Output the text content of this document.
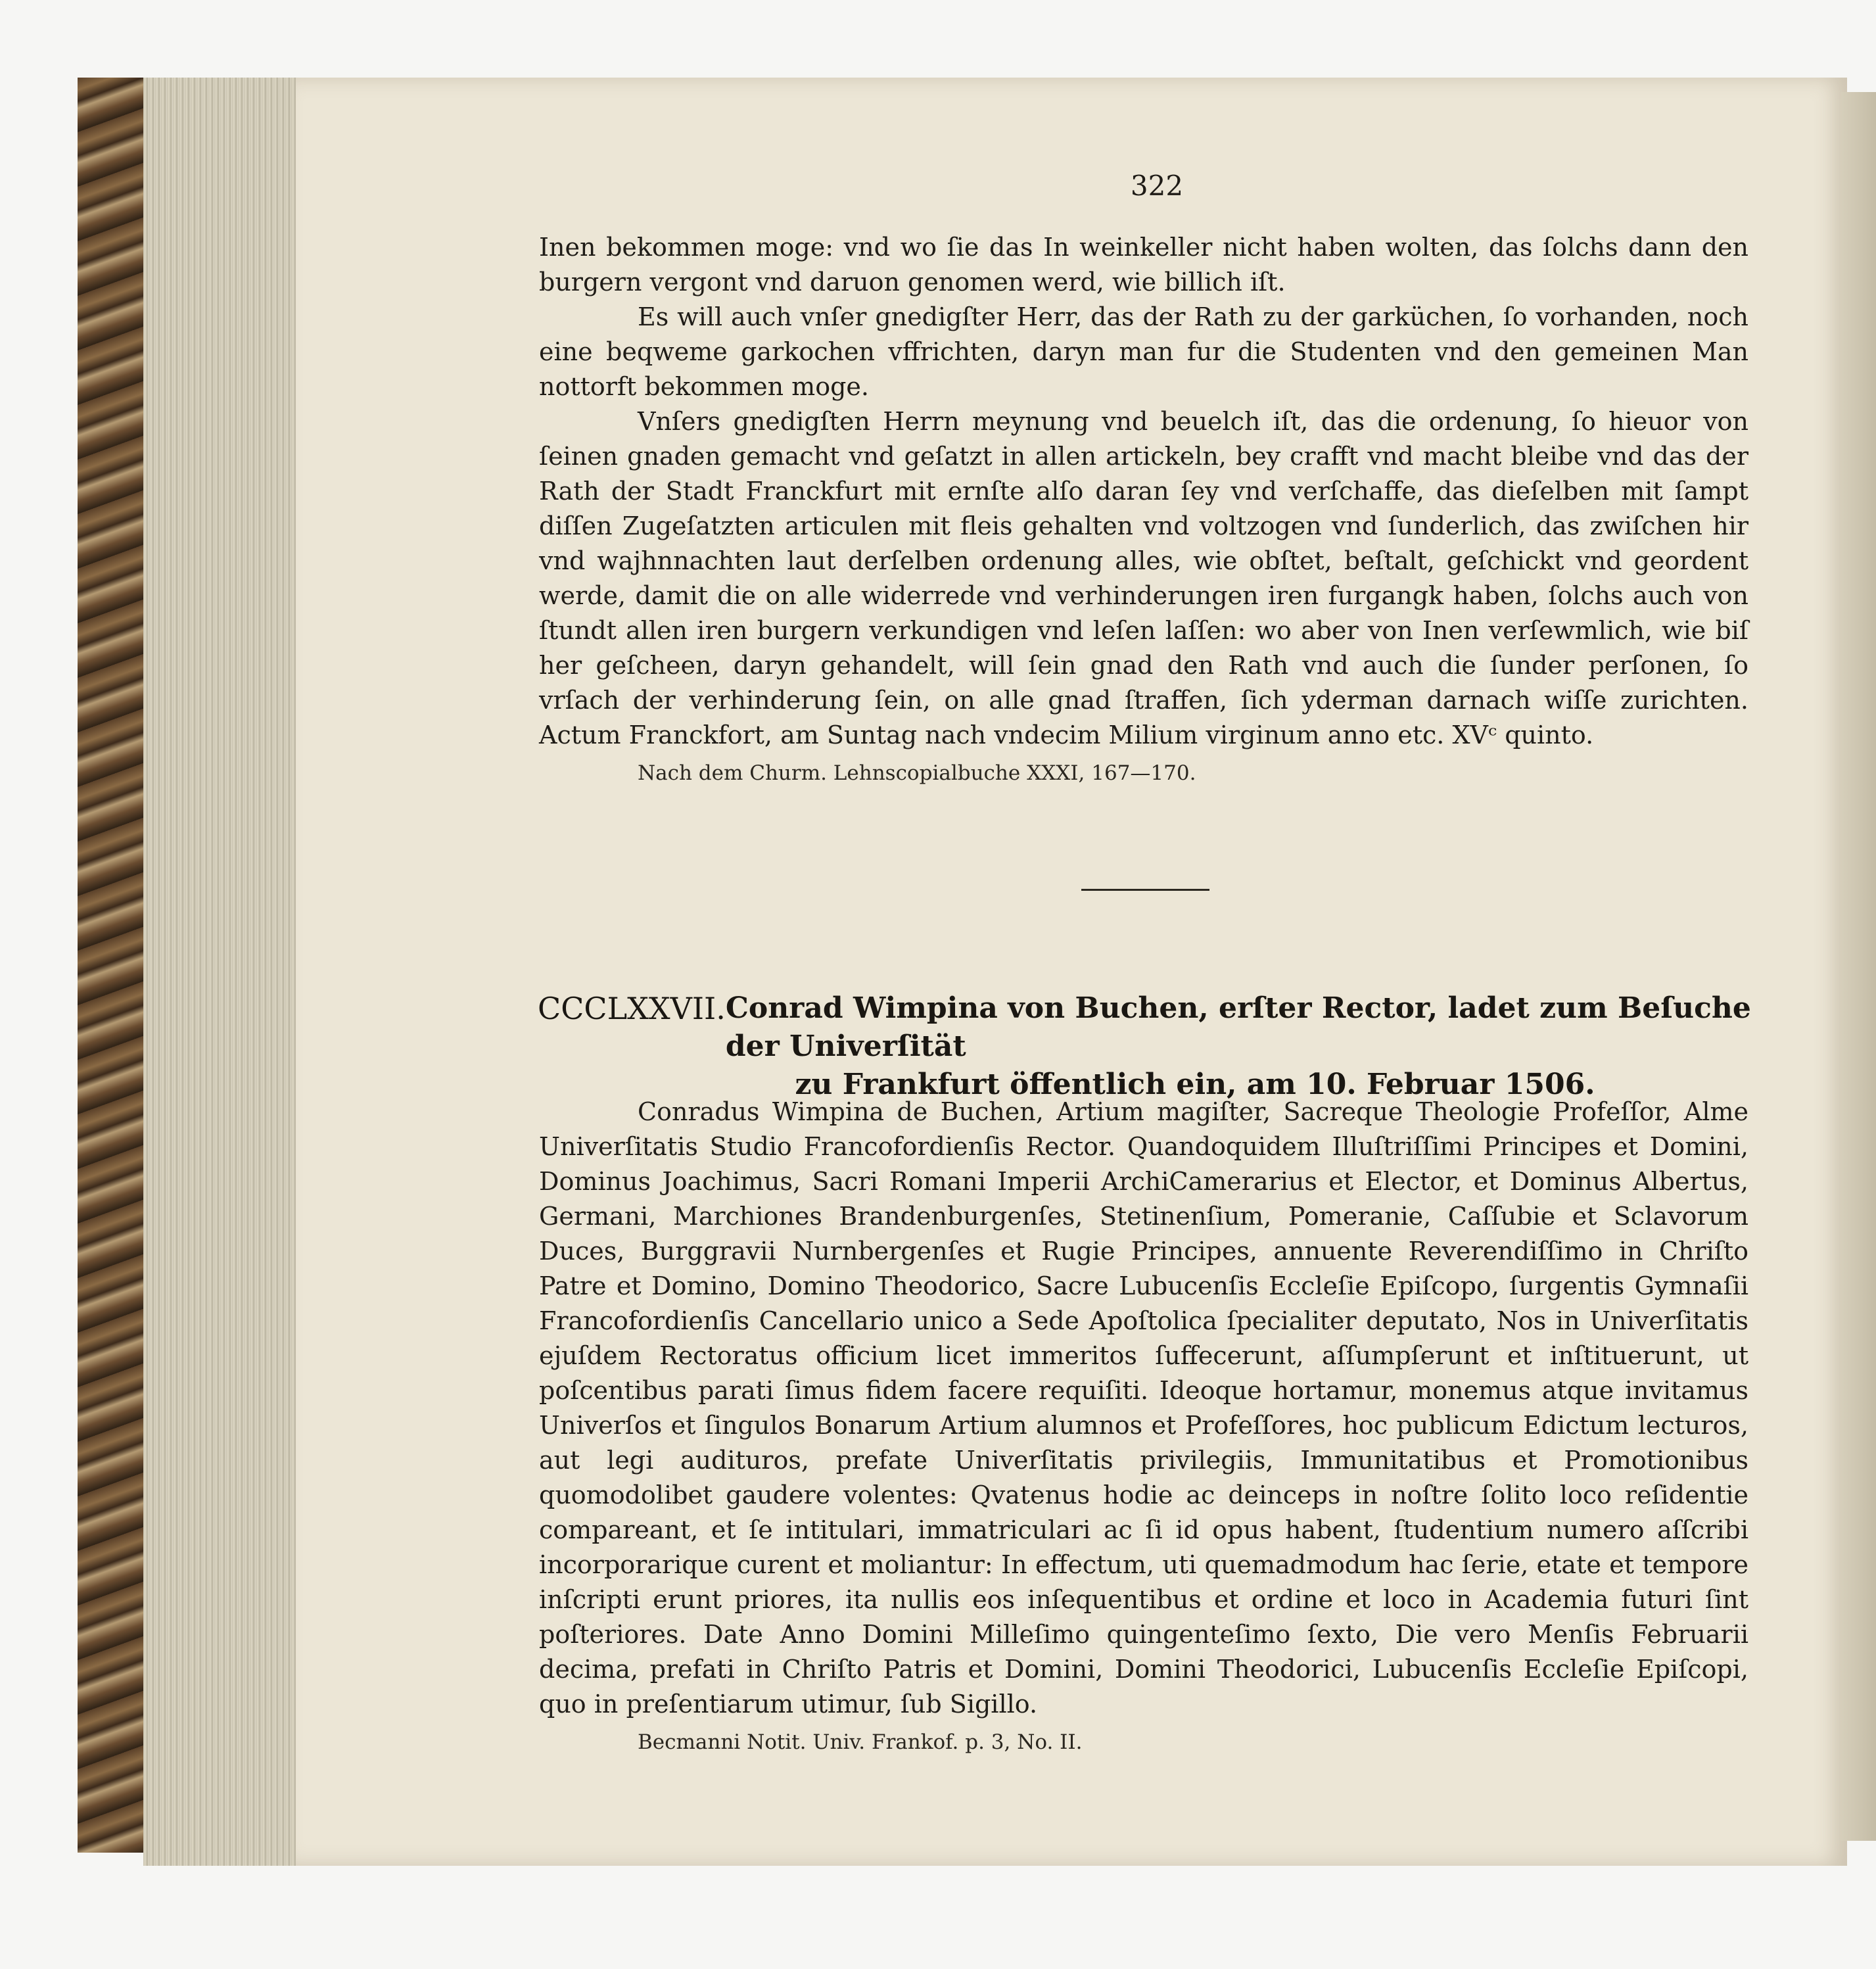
322

Inen bekommen moge: vnd wo ſie das In weinkeller nicht haben wolten, das ſolchs dann den burgern vergont vnd daruon genomen werd, wie billich iſt.

Es will auch vnſer gnedigſter Herr, das der Rath zu der garküchen, ſo vorhanden, noch eine beqweme garkochen vffrichten, daryn man fur die Studenten vnd den gemeinen Man nottorft bekommen moge.

Vnſers gnedigſten Herrn meynung vnd beuelch iſt, das die ordenung, ſo hieuor von ſeinen gnaden gemacht vnd geſatzt in allen artickeln, bey crafft vnd macht bleibe vnd das der Rath der Stadt Franckfurt mit ernſte alſo daran ſey vnd verſchaffe, das dieſelben mit ſampt diſſen Zugeſatzten articulen mit fleis gehalten vnd voltzogen vnd ſunderlich, das zwiſchen hir vnd wajhnnachten laut derſelben ordenung alles, wie obſtet, beſtalt, geſchickt vnd geordent werde, damit die on alle widerrede vnd verhinderungen iren furgangk haben, ſolchs auch von ſtundt allen iren burgern verkundigen vnd leſen laſſen: wo aber von Inen verſewmlich, wie biſ her geſcheen, daryn gehandelt, will ſein gnad den Rath vnd auch die ſunder perſonen, ſo vrſach der verhinderung ſein, on alle gnad ſtraffen, ſich yderman darnach wiſſe zurichten. Actum Franckfort, am Suntag nach vndecim Milium virginum anno etc. XVᶜ quinto.

Nach dem Churm. Lehnscopialbuche XXXI, 167—170.

CCCLXXVII. Conrad Wimpina von Buchen, erſter Rector, ladet zum Beſuche der Univerſität
zu Frankfurt öffentlich ein, am 10. Februar 1506.

Conradus Wimpina de Buchen, Artium magiſter, Sacreque Theologie Profeſſor, Alme Univerſitatis Studio Francofordienſis Rector. Quandoquidem Illuſtriſſimi Principes et Domini, Dominus Joachimus, Sacri Romani Imperii ArchiCamerarius et Elector, et Dominus Albertus, Germani, Marchiones Brandenburgenſes, Stetinenſium, Pomeranie, Caſſubie et Sclavorum Duces, Burggravii Nurnbergenſes et Rugie Principes, annuente Reverendiſſimo in Chriſto Patre et Domino, Domino Theodorico, Sacre Lubucenſis Eccleſie Epiſcopo, ſurgentis Gymnaſii Francofordienſis Cancellario unico a Sede Apoſtolica ſpecialiter deputato, Nos in Univerſitatis ejuſdem Rectoratus officium licet immeritos ſuffecerunt, aſſumpſerunt et inſtituerunt, ut poſcentibus parati ſimus fidem facere requiſiti. Ideoque hortamur, monemus atque invitamus Univerſos et ſingulos Bonarum Artium alumnos et Profeſſores, hoc publicum Edictum lecturos, aut legi audituros, prefate Univerſitatis privilegiis, Immunitatibus et Promotionibus quomodolibet gaudere volentes: Qvatenus hodie ac deinceps in noſtre ſolito loco reſidentie compareant, et ſe intitulari, immatriculari ac ſi id opus habent, ſtudentium numero aſſcribi incorporarique curent et moliantur: In effectum, uti quemadmodum hac ſerie, etate et tempore inſcripti erunt priores, ita nullis eos inſequentibus et ordine et loco in Academia futuri ſint poſteriores. Date Anno Domini Milleſimo quingenteſimo ſexto, Die vero Menſis Februarii decima, prefati in Chriſto Patris et Domini, Domini Theodorici, Lubucenſis Eccleſie Epiſcopi, quo in preſentiarum utimur, ſub Sigillo.

Becmanni Notit. Univ. Frankof. p. 3, No. II.
